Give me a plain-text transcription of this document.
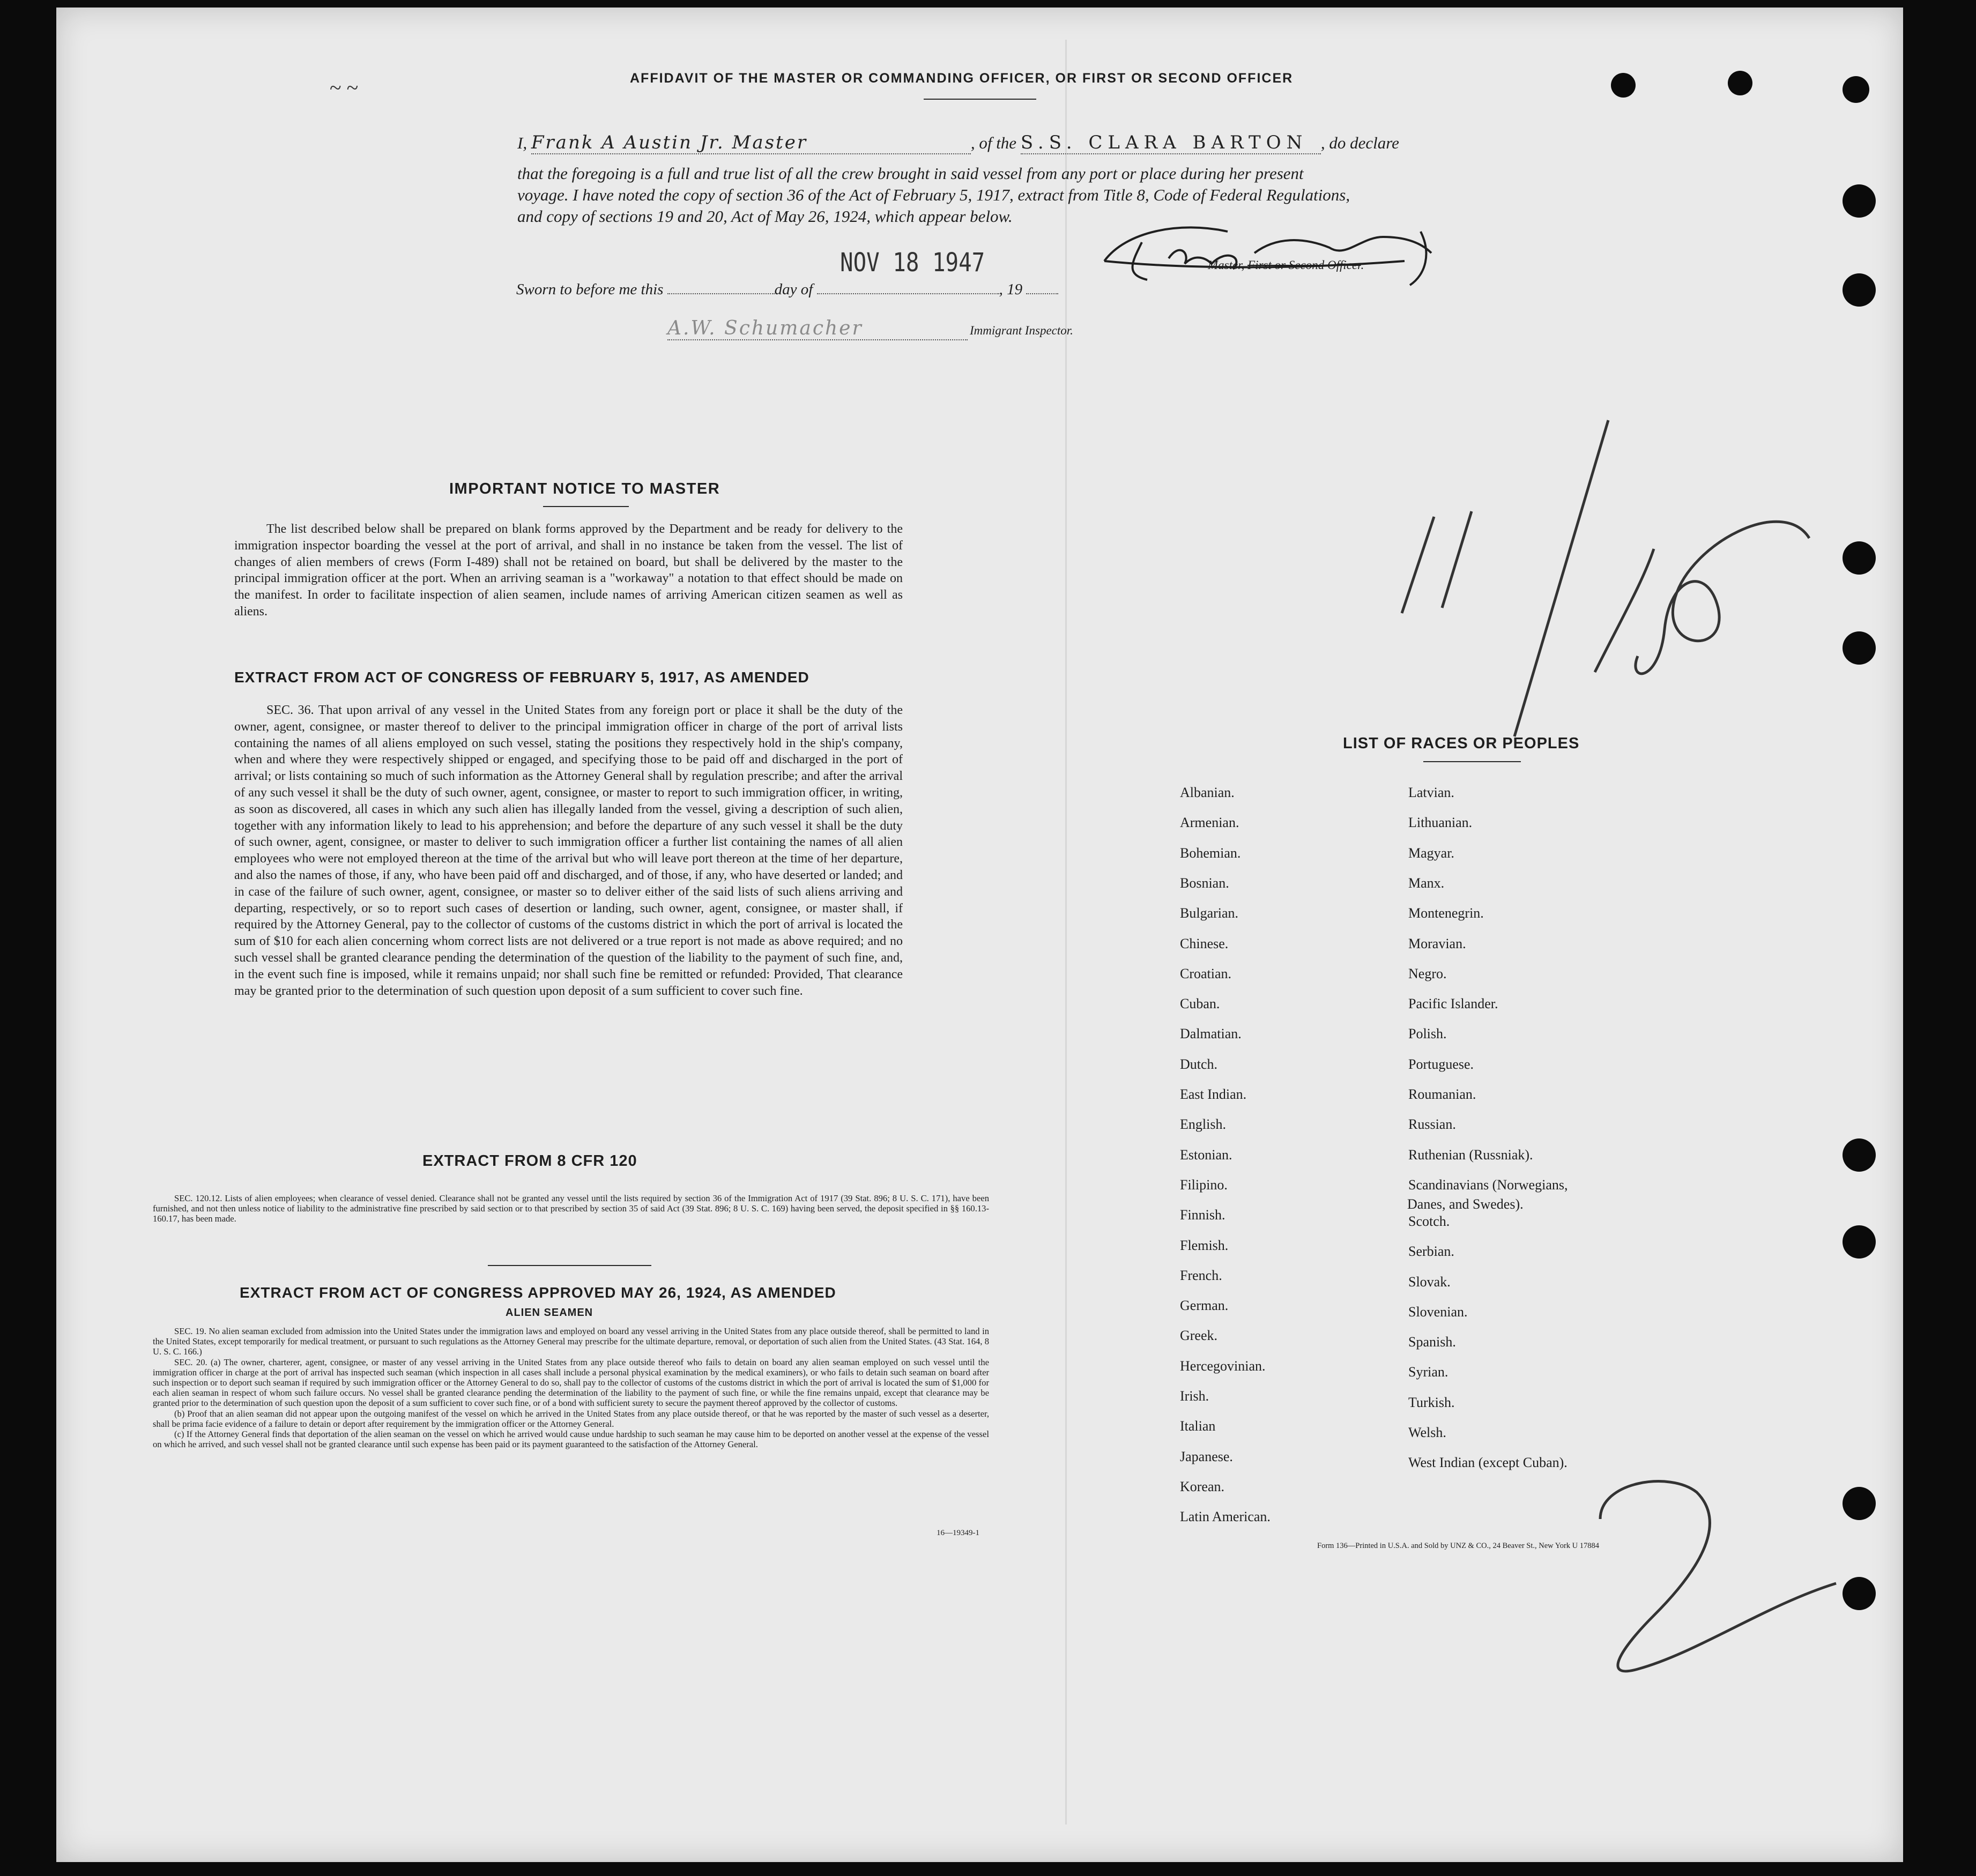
~ ~	AFFIDAVIT OF THE MASTER OR COMMANDING OFFICER, OR FIRST OR SECOND OFFICER
I, Frank A Austin Jr. Master	, of the S.S. CLARA BARTON , do declare
that the foregoing is a full and true list of all the crew brought in said vessel from any port or place during her present
voyage. I have noted the copy of section 36 of the Act of February 5, 1917, extract from Title 8, Code of Federal Regulations,
and copy of sections 19 and 20, Act of May 26, 1924, which appear below.
NOV 18 1947	Master, First or Second Officer.
Sworn to before me this	day of	, 19
A.W. Schumacher	Immigrant Inspector.
IMPORTANT NOTICE TO MASTER

The list described below shall be prepared on blank forms approved by the Department and be ready for delivery to the immigration inspector boarding the vessel at the port of arrival, and shall in no instance be taken from the vessel. The list of changes of alien members of crews (Form I-489) shall not be retained on board, but shall be delivered by the master to the principal immigration officer at the port. When an arriving seaman is a "workaway" a notation to that effect should be made on the manifest. In order to facilitate inspection of alien seamen, include names of arriving American citizen seamen as well as aliens.

EXTRACT FROM ACT OF CONGRESS OF FEBRUARY 5, 1917, AS AMENDED

SEC. 36. That upon arrival of any vessel in the United States from any foreign port or place it shall be the duty of the owner, agent, consignee, or master thereof to deliver to the principal immigration officer in charge of the port of arrival lists containing the names of all aliens employed on such vessel, stating the positions they respectively hold in the ship's company, when and where they were respectively shipped or engaged, and specifying those to be paid off and discharged in the port of arrival; or lists containing so much of such information as the Attorney General shall by regulation prescribe; and after the arrival of any such vessel it shall be the duty of such owner, agent, consignee, or master to report to such immigration officer, in writing, as soon as discovered, all cases in which any such alien has illegally landed from the vessel, giving a description of such alien, together with any information likely to lead to his apprehension; and before the departure of any such vessel it shall be the duty of such owner, agent, consignee, or master to deliver to such immigration officer a further list containing the names of all alien employees who were not employed thereon at the time of the arrival but who will leave port thereon at the time of her departure, and also the names of those, if any, who have been paid off and discharged, and of those, if any, who have deserted or landed; and in case of the failure of such owner, agent, consignee, or master so to deliver either of the said lists of such aliens arriving and departing, respectively, or so to report such cases of desertion or landing, such owner, agent, consignee, or master shall, if required by the Attorney General, pay to the collector of customs of the customs district in which the port of arrival is located the sum of $10 for each alien concerning whom correct lists are not delivered or a true report is not made as above required; and no such vessel shall be granted clearance pending the determination of the question of the liability to the payment of such fine, and, in the event such fine is imposed, while it remains unpaid; nor shall such fine be remitted or refunded: Provided, That clearance may be granted prior to the determination of such question upon deposit of a sum sufficient to cover such fine.

EXTRACT FROM 8 CFR 120

SEC. 120.12. Lists of alien employees; when clearance of vessel denied. Clearance shall not be granted any vessel until the lists required by section 36 of the Immigration Act of 1917 (39 Stat. 896; 8 U. S. C. 171), have been furnished, and not then unless notice of liability to the administrative fine prescribed by said section or to that prescribed by section 35 of said Act (39 Stat. 896; 8 U. S. C. 169) having been served, the deposit specified in §§ 160.13-160.17, has been made.

EXTRACT FROM ACT OF CONGRESS APPROVED MAY 26, 1924, AS AMENDED
ALIEN SEAMEN

SEC. 19. No alien seaman excluded from admission into the United States under the immigration laws and employed on board any vessel arriving in the United States from any place outside thereof, shall be permitted to land in the United States, except temporarily for medical treatment, or pursuant to such regulations as the Attorney General may prescribe for the ultimate departure, removal, or deportation of such alien from the United States. (43 Stat. 164, 8 U. S. C. 166.)

SEC. 20. (a) The owner, charterer, agent, consignee, or master of any vessel arriving in the United States from any place outside thereof who fails to detain on board any alien seaman employed on such vessel until the immigration officer in charge at the port of arrival has inspected such seaman (which inspection in all cases shall include a personal physical examination by the medical examiners), or who fails to detain such seaman on board after such inspection or to deport such seaman if required by such immigration officer or the Attorney General to do so, shall pay to the collector of customs of the customs district in which the port of arrival is located the sum of $1,000 for each alien seaman in respect of whom such failure occurs. No vessel shall be granted clearance pending the determination of the liability to the payment of such fine, or while the fine remains unpaid, except that clearance may be granted prior to the determination of such question upon the deposit of a sum sufficient to cover such fine, or of a bond with sufficient surety to secure the payment thereof approved by the collector of customs.

(b) Proof that an alien seaman did not appear upon the outgoing manifest of the vessel on which he arrived in the United States from any place outside thereof, or that he was reported by the master of such vessel as a deserter, shall be prima facie evidence of a failure to detain or deport after requirement by the immigration officer or the Attorney General.

(c) If the Attorney General finds that deportation of the alien seaman on the vessel on which he arrived would cause undue hardship to such seaman he may cause him to be deported on another vessel at the expense of the vessel on which he arrived, and such vessel shall not be granted clearance until such expense has been paid or its payment guaranteed to the satisfaction of the Attorney General.

16—19349-1
LIST OF RACES OR PEOPLES
Albanian.
Armenian.
Bohemian.
Bosnian.
Bulgarian.
Chinese.
Croatian.
Cuban.
Dalmatian.
Dutch.
East Indian.
English.
Estonian.
Filipino.
Finnish.
Flemish.
French.
German.
Greek.
Hercegovinian.
Irish.
Italian
Japanese.
Korean.
Latin American.
Latvian.
Lithuanian.
Magyar.
Manx.
Montenegrin.
Moravian.
Negro.
Pacific Islander.
Polish.
Portuguese.
Roumanian.
Russian.
Ruthenian (Russniak).
Scandinavians (Norwegians,
Danes, and Swedes).
Scotch.
Serbian.
Slovak.
Slovenian.
Spanish.
Syrian.
Turkish.
Welsh.
West Indian (except Cuban).
Form 136—Printed in U.S.A. and Sold by UNZ & CO., 24 Beaver St., New York U 17884
